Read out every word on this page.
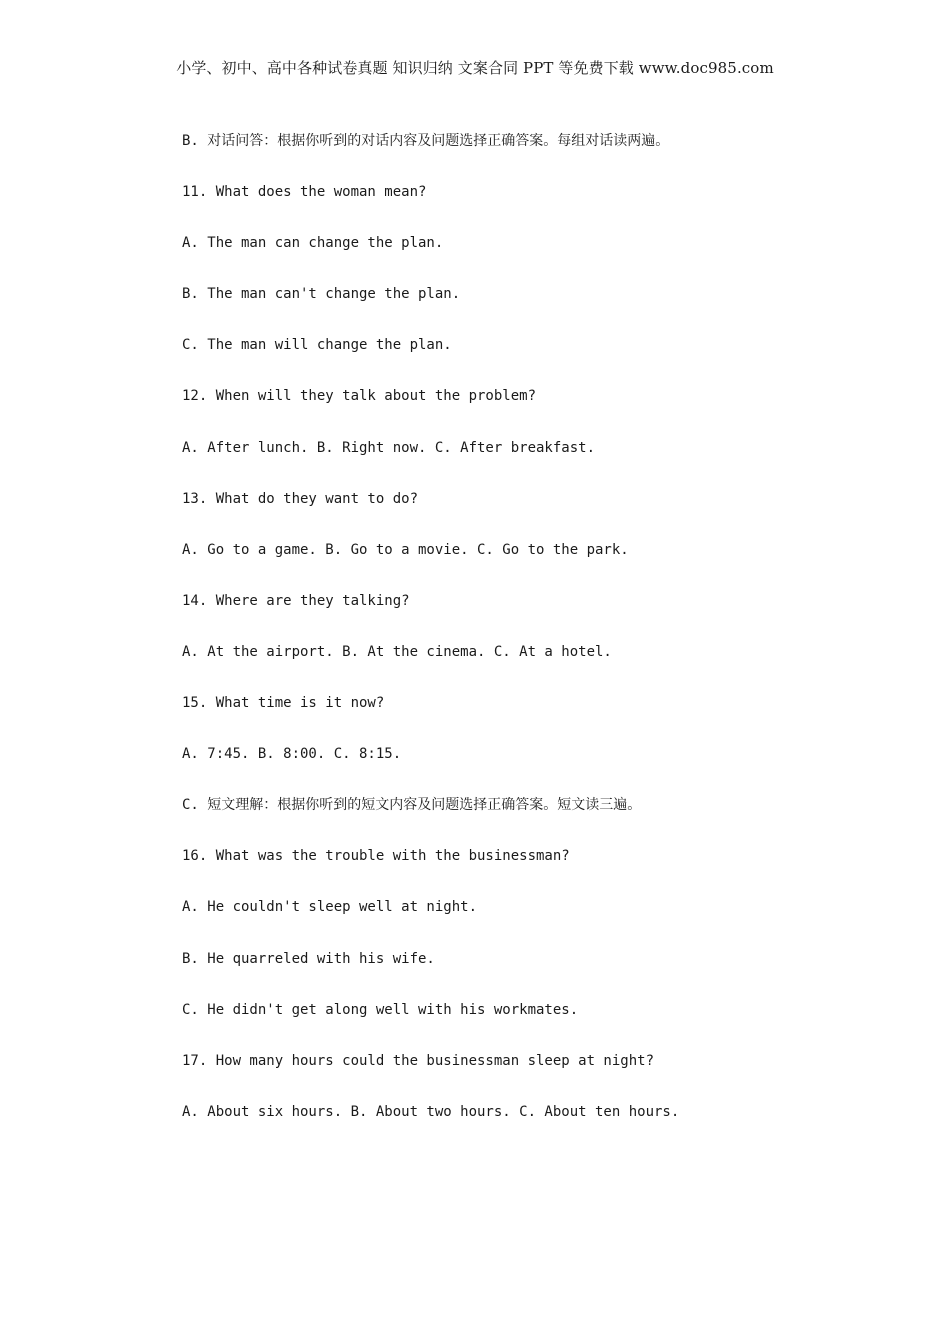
小学、初中、高中各种试卷真题 知识归纳 文案合同 PPT 等免费下载 www.doc985.com
B. 对话问答：根据你听到的对话内容及问题选择正确答案。每组对话读两遍。
11. What does the woman mean?
A. The man can change the plan.
B. The man can't change the plan.
C. The man will change the plan.
12. When will they talk about the problem?
A. After lunch. B. Right now. C. After breakfast.
13. What do they want to do?
A. Go to a game. B. Go to a movie. C. Go to the park.
14. Where are they talking?
A. At the airport. B. At the cinema. C. At a hotel.
15. What time is it now?
A. 7:45. B. 8:00. C. 8:15.
C. 短文理解：根据你听到的短文内容及问题选择正确答案。短文读三遍。
16. What was the trouble with the businessman?
A. He couldn't sleep well at night.
B. He quarreled with his wife.
C. He didn't get along well with his workmates.
17. How many hours could the businessman sleep at night?
A. About six hours. B. About two hours. C. About ten hours.
